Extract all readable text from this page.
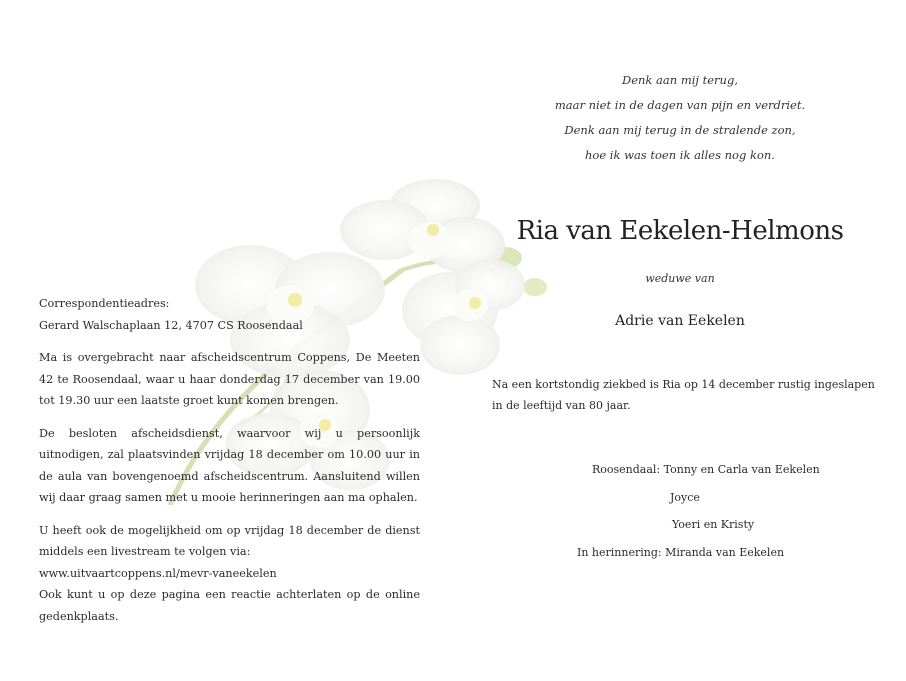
Denk aan mij terug,
maar niet in de dagen van pijn en verdriet.
Denk aan mij terug in de stralende zon,
hoe ik was toen ik alles nog kon.
Ria van Eekelen-Helmons
weduwe van
Adrie van Eekelen
Na een kortstondig ziekbed is Ria op 14 december rustig ingeslapen in de leeftijd van 80 jaar.
Roosendaal: Tonny en Carla van Eekelen
Joyce
Yoeri en Kristy
In herinnering: Miranda van Eekelen

Correspondentieadres:
Gerard Walschaplaan 12, 4707 CS Roosendaal

Ma is overgebracht naar afscheidscentrum Coppens, De Meeten 42 te Roosendaal, waar u haar donderdag 17 december van 19.00 tot 19.30 uur een laatste groet kunt komen brengen.

De besloten afscheidsdienst, waarvoor wij u persoonlijk uitnodigen, zal plaatsvinden vrijdag 18 december om 10.00 uur in de aula van bovengenoemd afscheidscentrum. Aansluitend willen wij daar graag samen met u mooie herinneringen aan ma ophalen.

U heeft ook de mogelijkheid om op vrijdag 18 december de dienst middels een livestream te volgen via:
www.uitvaartcoppens.nl/mevr-vaneekelen
Ook kunt u op deze pagina een reactie achterlaten op de online gedenkplaats.
